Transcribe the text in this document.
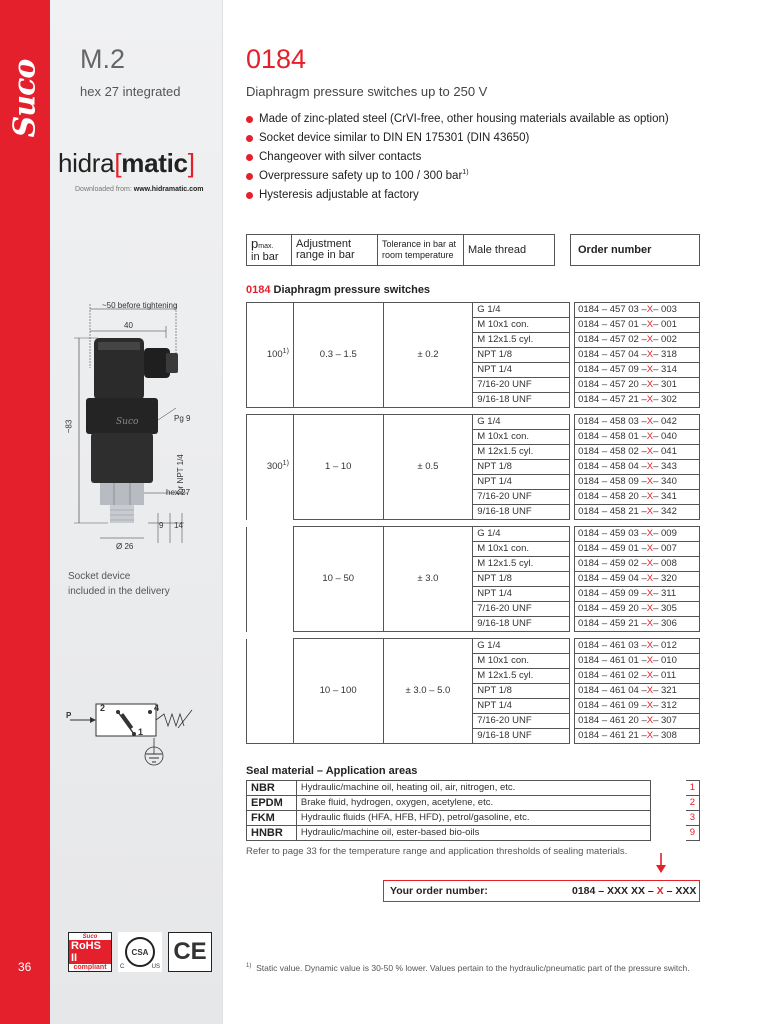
Suco
36
M.2
hex 27 integrated
hidra[matic]
Downloaded from: www.hidramatic.com
Suco
~50 before tightening
40
~83
Pg 9
hex 27
for NPT 1/4
9 14
Ø 26
Socket device
included in the delivery
P
2	4
1
Suco
RoHS II
compliant
CSA
C	US
CE
0184
Diaphragm pressure switches up to 250 V
Made of zinc-plated steel (CrVI-free, other housing materials available as option)
Socket device similar to DIN EN 175301 (DIN 43650)
Changeover with silver contacts
Overpressure safety up to 100 / 300 bar$^{1)}$
Hysteresis adjustable at factory
pmax.
in bar
Adjustment
range in bar
Tolerance in bar at
room temperature	Male thread	Order number
0184 Diaphragm pressure switches
100$^{1)}$	0.3 – 1.5	± 0.2	G 1/4		0184 – 457 03 –X– 003
			M 10x1 con.		0184 – 457 01 –X– 001
			M 12x1.5 cyl.		0184 – 457 02 –X– 002
			NPT 1/8		0184 – 457 04 –X– 318
			NPT 1/4		0184 – 457 09 –X– 314
			7/16-20 UNF		0184 – 457 20 –X– 301
			9/16-18 UNF		0184 – 457 21 –X– 302
300$^{1)}$	1 – 10	± 0.5	G 1/4		0184 – 458 03 –X– 042
			M 10x1 con.		0184 – 458 01 –X– 040
			M 12x1.5 cyl.		0184 – 458 02 –X– 041
			NPT 1/8		0184 – 458 04 –X– 343
			NPT 1/4		0184 – 458 09 –X– 340
			7/16-20 UNF		0184 – 458 20 –X– 341
			9/16-18 UNF		0184 – 458 21 –X– 342
	10 – 50	± 3.0	G 1/4		0184 – 459 03 –X– 009
			M 10x1 con.		0184 – 459 01 –X– 007
			M 12x1.5 cyl.		0184 – 459 02 –X– 008
			NPT 1/8		0184 – 459 04 –X– 320
			NPT 1/4		0184 – 459 09 –X– 311
			7/16-20 UNF		0184 – 459 20 –X– 305
			9/16-18 UNF		0184 – 459 21 –X– 306
	10 – 100	± 3.0 – 5.0	G 1/4		0184 – 461 03 –X– 012
			M 10x1 con.		0184 – 461 01 –X– 010
			M 12x1.5 cyl.		0184 – 461 02 –X– 011
			NPT 1/8		0184 – 461 04 –X– 321
			NPT 1/4		0184 – 461 09 –X– 312
			7/16-20 UNF		0184 – 461 20 –X– 307
			9/16-18 UNF		0184 – 461 21 –X– 308
Seal material – Application areas
NBR	Hydraulic/machine oil, heating oil, air, nitrogen, etc.		1
EPDM	Brake fluid, hydrogen, oxygen, acetylene, etc.		2
FKM	Hydraulic fluids (HFA, HFB, HFD), petrol/gasoline, etc.		3
HNBR	Hydraulic/machine oil, ester-based bio-oils		9
Refer to page 33 for the temperature range and application thresholds of sealing materials.
Your order number:	0184 – XXX XX – X – XXX
$^{1)}$ Static value. Dynamic value is 30-50 % lower. Values pertain to the hydraulic/pneumatic part of the pressure switch.
